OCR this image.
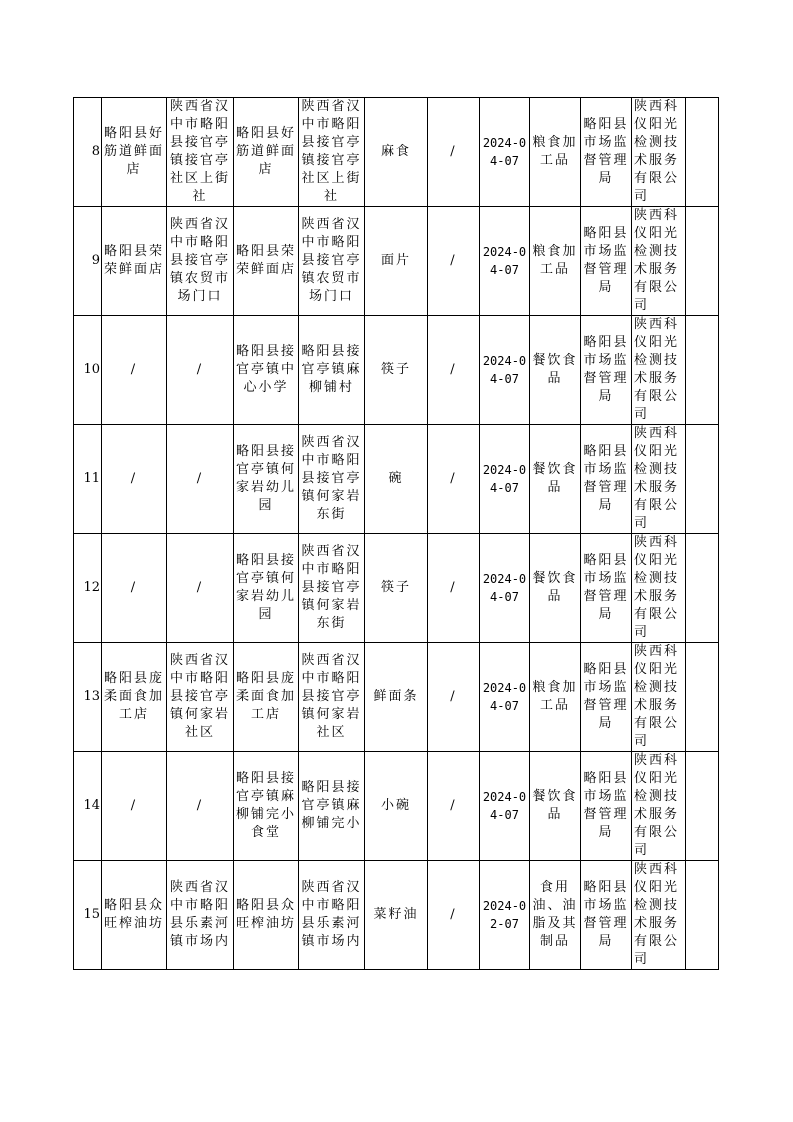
8	略阳县好筋道鲜面店	陕西省汉中市略阳县接官亭镇接官亭社区上街社	略阳县好筋道鲜面店	陕西省汉中市略阳县接官亭镇接官亭社区上街社	麻食	/	2024-04-07	粮食加工品	略阳县市场监督管理局	陕西科仪阳光检测技术服务有限公司	
9	略阳县荣荣鲜面店	陕西省汉中市略阳县接官亭镇农贸市场门口	略阳县荣荣鲜面店	陕西省汉中市略阳县接官亭镇农贸市场门口	面片	/	2024-04-07	粮食加工品	略阳县市场监督管理局	陕西科仪阳光检测技术服务有限公司	
10	/	/	略阳县接官亭镇中心小学	略阳县接官亭镇麻柳铺村	筷子	/	2024-04-07	餐饮食品	略阳县市场监督管理局	陕西科仪阳光检测技术服务有限公司	
11	/	/	略阳县接官亭镇何家岩幼儿园	陕西省汉中市略阳县接官亭镇何家岩东街	碗	/	2024-04-07	餐饮食品	略阳县市场监督管理局	陕西科仪阳光检测技术服务有限公司	
12	/	/	略阳县接官亭镇何家岩幼儿园	陕西省汉中市略阳县接官亭镇何家岩东街	筷子	/	2024-04-07	餐饮食品	略阳县市场监督管理局	陕西科仪阳光检测技术服务有限公司	
13	略阳县庞柔面食加工店	陕西省汉中市略阳县接官亭镇何家岩社区	略阳县庞柔面食加工店	陕西省汉中市略阳县接官亭镇何家岩社区	鲜面条	/	2024-04-07	粮食加工品	略阳县市场监督管理局	陕西科仪阳光检测技术服务有限公司	
14	/	/	略阳县接官亭镇麻柳铺完小食堂	略阳县接官亭镇麻柳铺完小	小碗	/	2024-04-07	餐饮食品	略阳县市场监督管理局	陕西科仪阳光检测技术服务有限公司	
15	略阳县众旺榨油坊	陕西省汉中市略阳县乐素河镇市场内	略阳县众旺榨油坊	陕西省汉中市略阳县乐素河镇市场内	菜籽油	/	2024-02-07	食用油、油脂及其制品	略阳县市场监督管理局	陕西科仪阳光检测技术服务有限公司	
